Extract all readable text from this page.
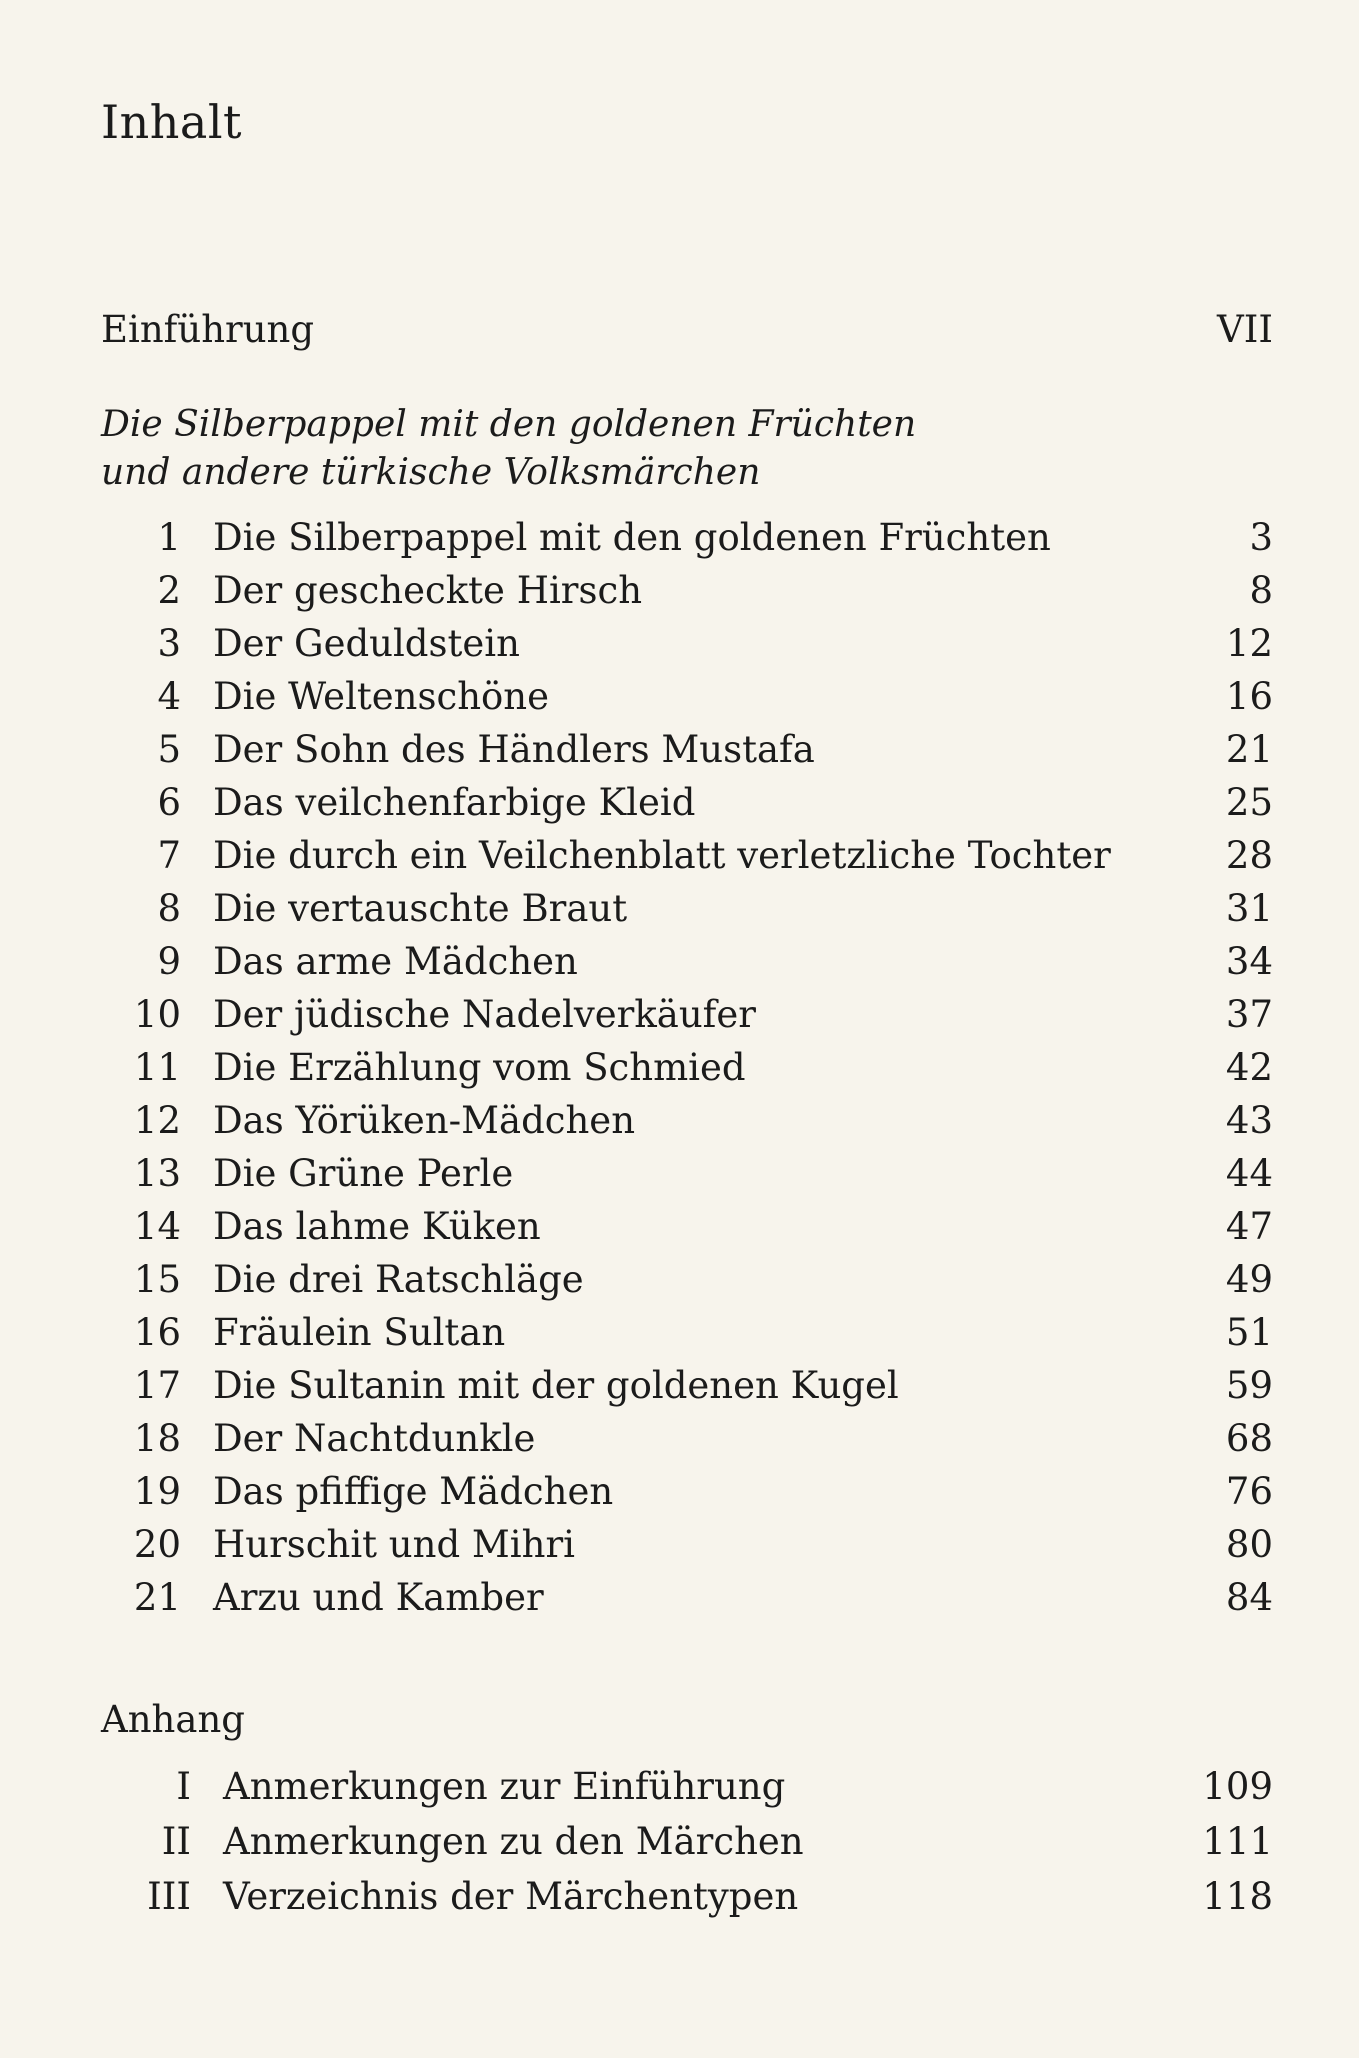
Inhalt
Einführung	VII
Die Silberpappel mit den goldenen Früchten
und andere türkische Volksmärchen
1 Die Silberpappel mit den goldenen Früchten	3
2 Der gescheckte Hirsch	8
3 Der Geduldstein	12
4 Die Weltenschöne	16
5 Der Sohn des Händlers Mustafa	21
6 Das veilchenfarbige Kleid	25
7 Die durch ein Veilchenblatt verletzliche Tochter	28
8 Die vertauschte Braut	31
9 Das arme Mädchen	34
10 Der jüdische Nadelverkäufer	37
11 Die Erzählung vom Schmied	42
12 Das Yörüken-Mädchen	43
13 Die Grüne Perle	44
14 Das lahme Küken	47
15 Die drei Ratschläge	49
16 Fräulein Sultan	51
17 Die Sultanin mit der goldenen Kugel	59
18 Der Nachtdunkle	68
19 Das pfiffige Mädchen	76
20 Hurschit und Mihri	80
21 Arzu und Kamber	84
Anhang
I Anmerkungen zur Einführung	109
II Anmerkungen zu den Märchen	111
III Verzeichnis der Märchentypen	118
